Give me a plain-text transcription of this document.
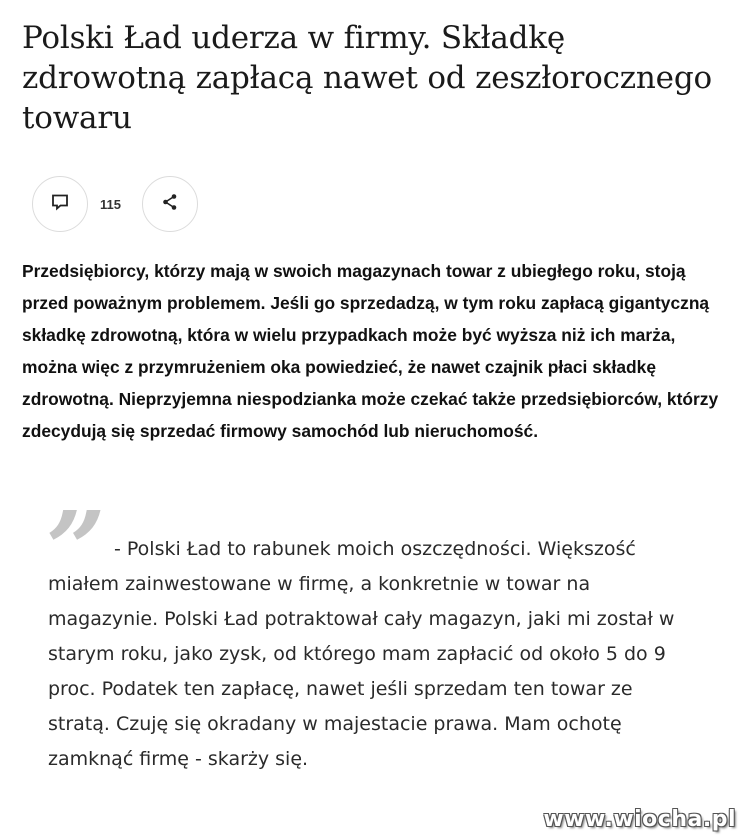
Polski Ład uderza w firmy. Składkę zdrowotną zapłacą nawet od zeszłorocznego towaru
115

Przedsiębiorcy, którzy mają w swoich magazynach towar z ubiegłego roku, stoją przed poważnym problemem. Jeśli go sprzedadzą, w tym roku zapłacą gigantyczną składkę zdrowotną, która w wielu przypadkach może być wyższa niż ich marża, można więc z przymrużeniem oka powiedzieć, że nawet czajnik płaci składkę zdrowotną. Nieprzyjemna niespodzianka może czekać także przedsiębiorców, którzy zdecydują się sprzedać firmowy samochód lub nieruchomość.

” - Polski Ład to rabunek moich oszczędności. Większość miałem zainwestowane w firmę, a konkretnie w towar na magazynie. Polski Ład potraktował cały magazyn, jaki mi został w starym roku, jako zysk, od którego mam zapłacić od około 5 do 9 proc. Podatek ten zapłacę, nawet jeśli sprzedam ten towar ze stratą. Czuję się okradany w majestacie prawa. Mam ochotę zamknąć firmę - skarży się.

www.wiocha.pl
